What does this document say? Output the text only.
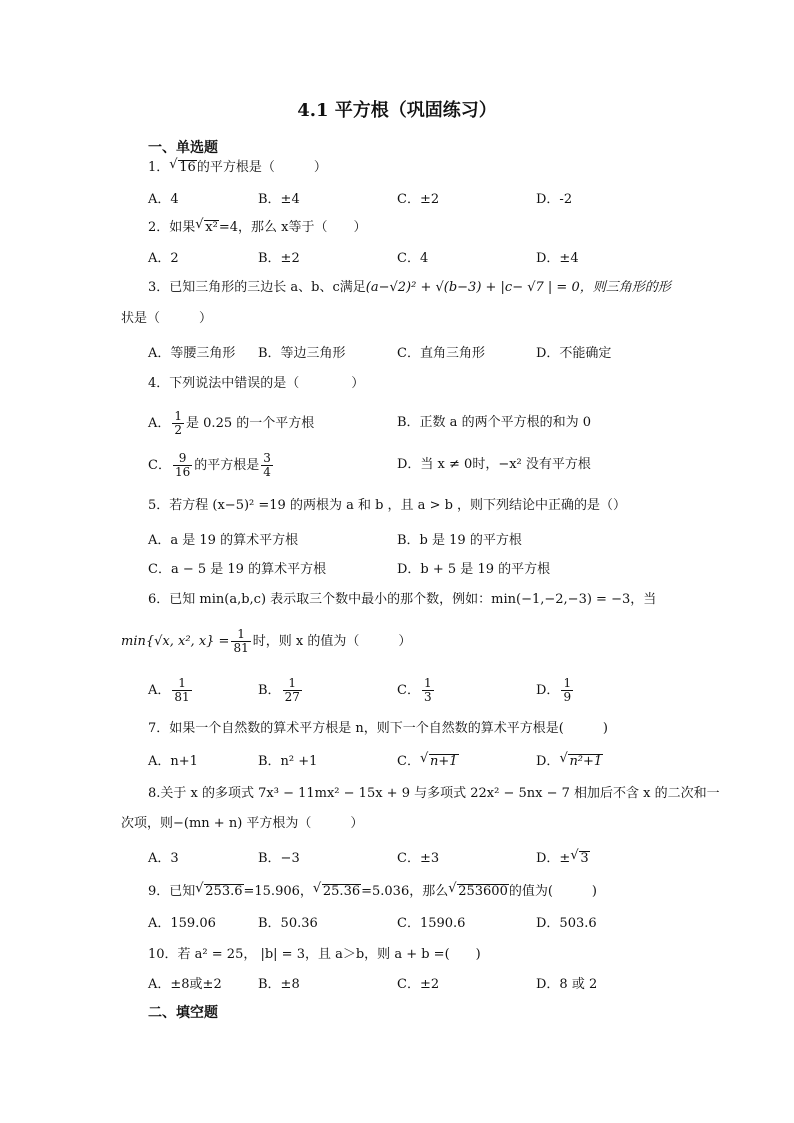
4.1 平方根（巩固练习）
一、单选题
1． √ 16的平方根是（　　　）
A．4	B．±4	C．±2	D．-2
2．如果 √ x²=4，那么 x等于（　　）
A．2	B．±2	C．4	D．±4
3．已知三角形的三边长 a、b、c满足(a−√2)² + √(b−3) + |c− √7 | = 0，则三角形的形
状是（　　　）
A．等腰三角形 B．等边三角形	C．直角三角形	D．不能确定
4．下列说法中错误的是（　　　　）
A． $\frac{1}{2}$ 是 0.25 的一个平方根	B．正数 a 的两个平方根的和为 0
C． $\frac{9}{16}$ 的平方根是 $\frac{3}{4}$	D．当 x ≠ 0时，−x² 没有平方根
5．若方程 (x−5)² =19 的两根为 a 和 b ，且 a > b ，则下列结论中正确的是（）
A．a 是 19 的算术平方根	B．b 是 19 的平方根
C．a − 5 是 19 的算术平方根	D．b + 5 是 19 的平方根
6．已知 min(a,b,c) 表示取三个数中最小的那个数，例如：min(−1,−2,−3) = −3，当
min{√x, x², $x\} = \frac{1}{81}$ 时，则 x 的值为（　　　）
A． $\frac{1}{81}$	B． $\frac{1}{27}$	C． $\frac{1}{3}$	D． $\frac{1}{9}$
7．如果一个自然数的算术平方根是 n，则下一个自然数的算术平方根是(　　　)
A．n+1	B．n² +1	C． √ n+1	D． √ n²+1
8.关于 x 的多项式 7x³ − 11mx² − 15x + 9 与多项式 22x² − 5nx − 7 相加后不含 x 的二次和一
次项，则−(mn + n) 平方根为（　　　）
A．3	B．−3	C．±3	D．± √ 3
9．已知 √ 253.6=15.906， √ 25.36=5.036，那么 √ 253600的值为(　　　)
A．159.06	B．50.36	C．1590.6	D．503.6
10．若 a² = 25， |b| = 3，且 a＞b，则 a + b =(　　)
A．±8或±2	B．±8	C．±2	D．8 或 2
二、填空题
